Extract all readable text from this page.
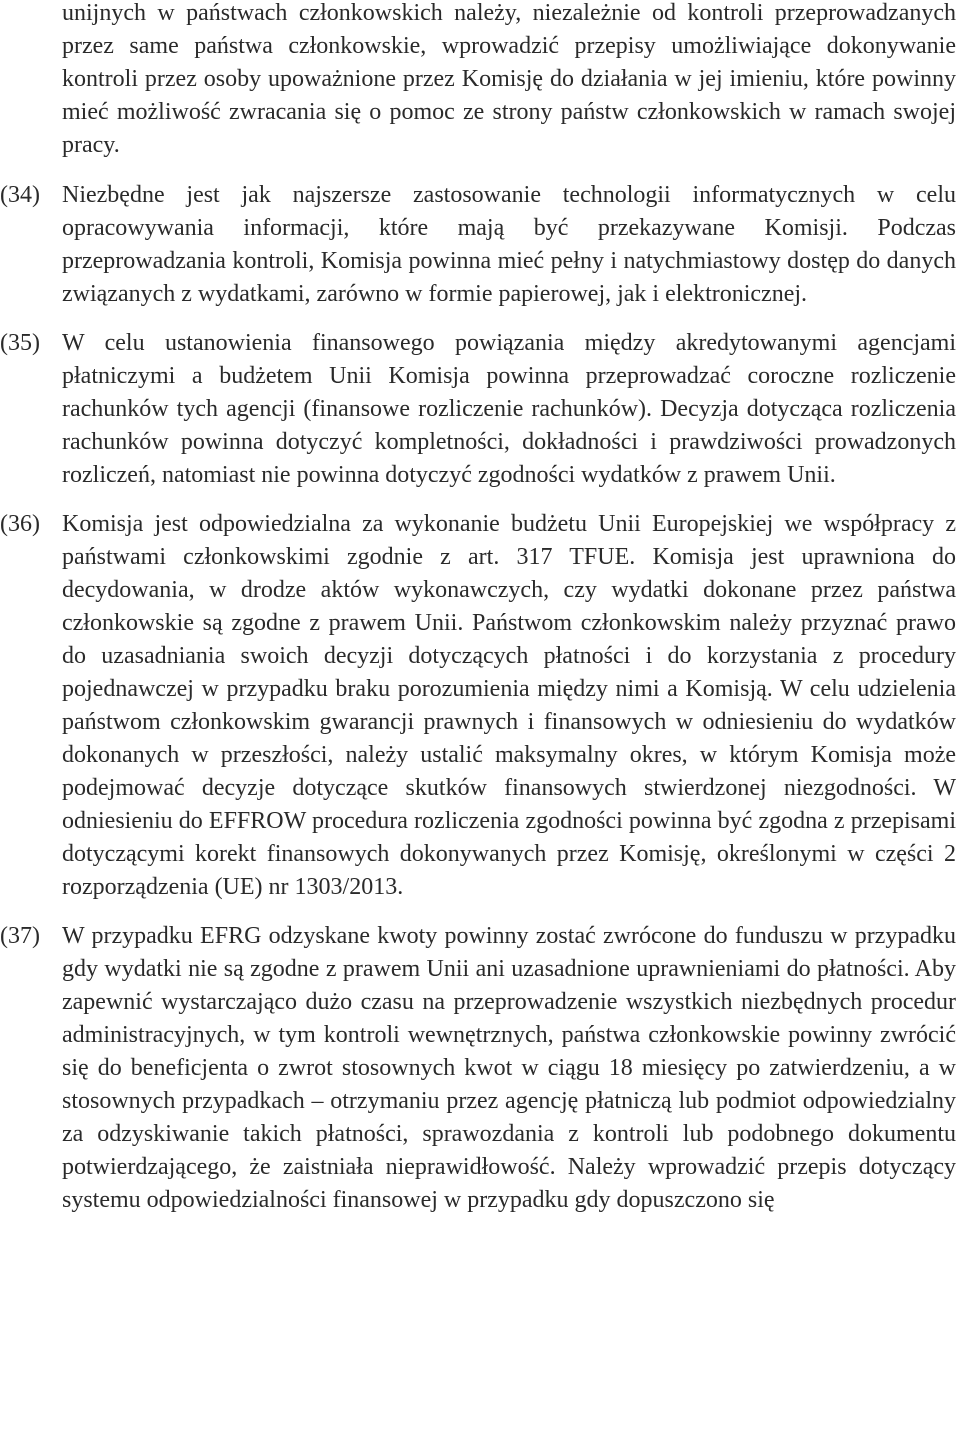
unijnych w państwach członkowskich należy, niezależnie od kontroli przeprowadzanych przez same państwa członkowskie, wprowadzić przepisy umożliwiające dokonywanie kontroli przez osoby upoważnione przez Komisję do działania w jej imieniu, które powinny mieć możliwość zwracania się o pomoc ze strony państw członkowskich w ramach swojej pracy.

(34) Niezbędne jest jak najszersze zastosowanie technologii informatycznych w celu opracowywania informacji, które mają być przekazywane Komisji. Podczas przeprowadzania kontroli, Komisja powinna mieć pełny i natychmiastowy dostęp do danych związanych z wydatkami, zarówno w formie papierowej, jak i elektronicznej.

(35) W celu ustanowienia finansowego powiązania między akredytowanymi agencjami płatniczymi a budżetem Unii Komisja powinna przeprowadzać coroczne rozliczenie rachunków tych agencji (finansowe rozliczenie rachunków). Decyzja dotycząca rozliczenia rachunków powinna dotyczyć kompletności, dokładności i prawdziwości prowadzonych rozliczeń, natomiast nie powinna dotyczyć zgodności wydatków z prawem Unii.

(36) Komisja jest odpowiedzialna za wykonanie budżetu Unii Europejskiej we współpracy z państwami członkowskimi zgodnie z art. 317 TFUE. Komisja jest uprawniona do decydowania, w drodze aktów wykonawczych, czy wydatki dokonane przez państwa członkowskie są zgodne z prawem Unii. Państwom członkowskim należy przyznać prawo do uzasadniania swoich decyzji dotyczących płatności i do korzystania z procedury pojednawczej w przypadku braku porozumienia między nimi a Komisją. W celu udzielenia państwom członkowskim gwarancji prawnych i finansowych w odniesieniu do wydatków dokonanych w przeszłości, należy ustalić maksymalny okres, w którym Komisja może podejmować decyzje dotyczące skutków finansowych stwierdzonej niezgodności. W odniesieniu do EFFROW procedura rozliczenia zgodności powinna być zgodna z przepisami dotyczącymi korekt finansowych dokonywanych przez Komisję, określonymi w części 2 rozporządzenia (UE) nr 1303/2013.

(37) W przypadku EFRG odzyskane kwoty powinny zostać zwrócone do funduszu w przypadku gdy wydatki nie są zgodne z prawem Unii ani uzasadnione uprawnieniami do płatności. Aby zapewnić wystarczająco dużo czasu na przeprowadzenie wszystkich niezbędnych procedur administracyjnych, w tym kontroli wewnętrznych, państwa członkowskie powinny zwrócić się do beneficjenta o zwrot stosownych kwot w ciągu 18 miesięcy po zatwierdzeniu, a w stosownych przypadkach – otrzymaniu przez agencję płatniczą lub podmiot odpowiedzialny za odzyskiwanie takich płatności, sprawozdania z kontroli lub podobnego dokumentu potwierdzającego, że zaistniała nieprawidłowość. Należy wprowadzić przepis dotyczący systemu odpowiedzialności finansowej w przypadku gdy dopuszczono się
